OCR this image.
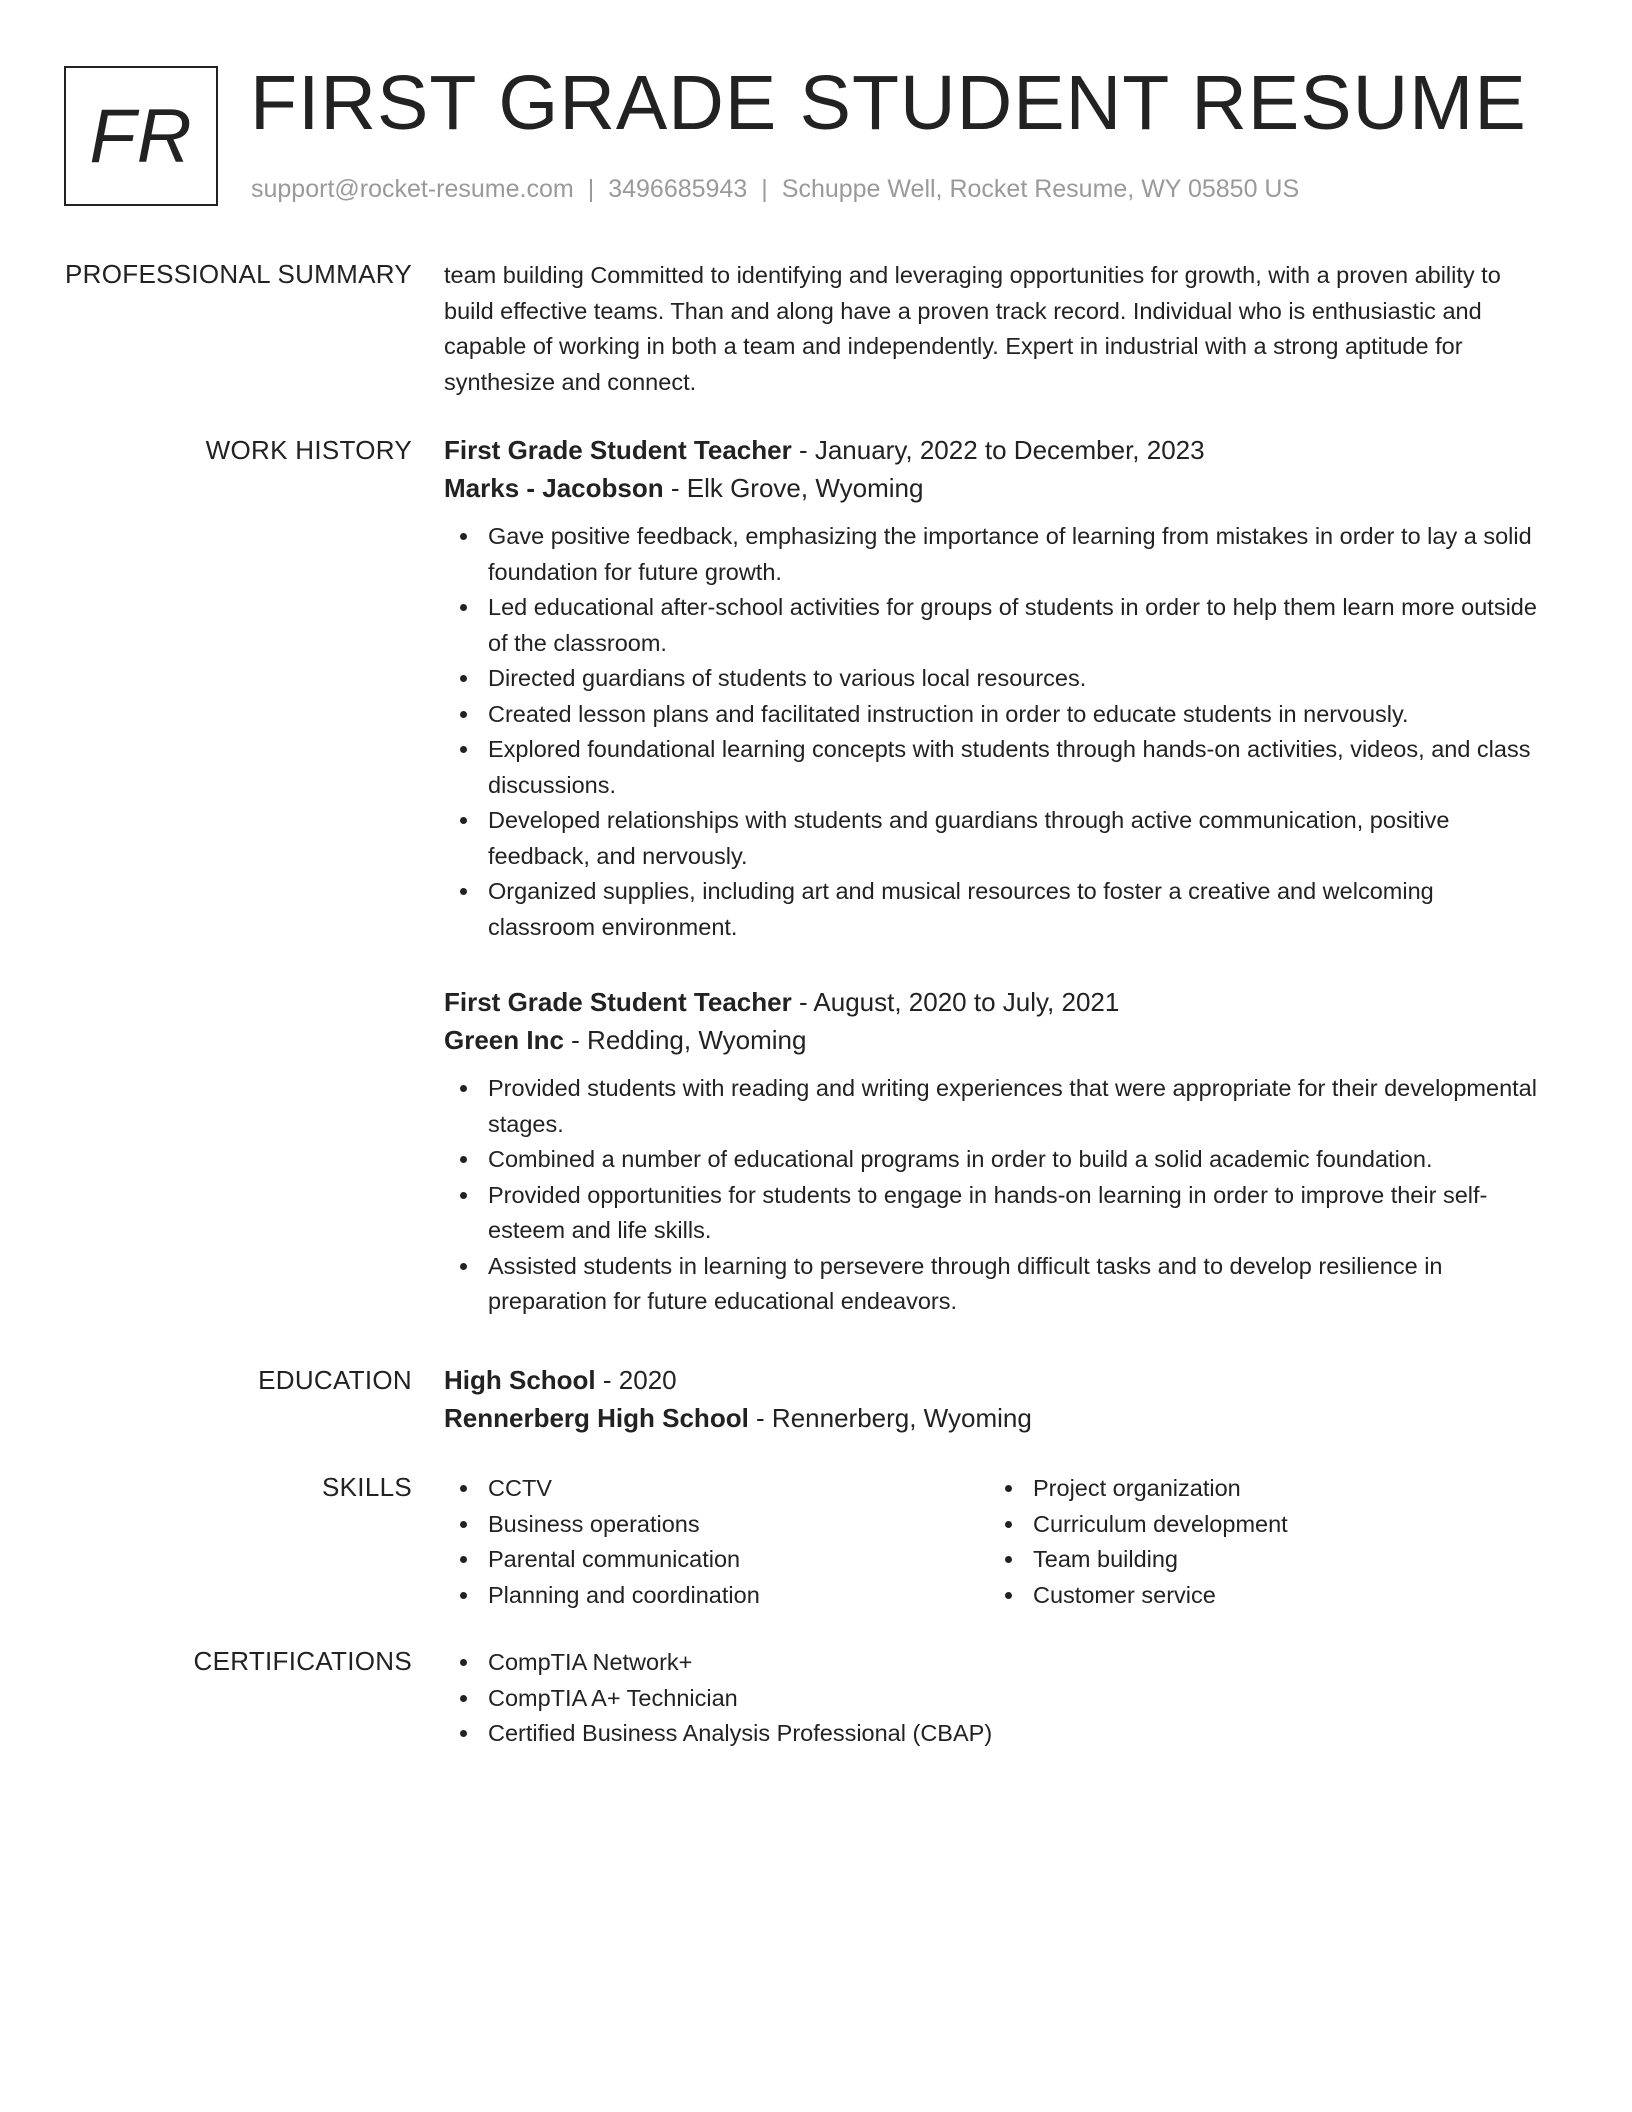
FR FIRST GRADE STUDENT RESUME
support@rocket-resume.com | 3496685943 | Schuppe Well, Rocket Resume, WY 05850 US
PROFESSIONAL SUMMARY team building Committed to identifying and leveraging opportunities for growth, with a proven ability to build effective teams. Than and along have a proven track record. Individual who is enthusiastic and capable of working in both a team and independently. Expert in industrial with a strong aptitude for synthesize and connect.

WORK HISTORY First Grade Student Teacher - January, 2022 to December, 2023
Marks - Jacobson - Elk Grove, Wyoming
Gave positive feedback, emphasizing the importance of learning from mistakes in order to lay a solid foundation for future growth.
Led educational after-school activities for groups of students in order to help them learn more outside of the classroom.
Directed guardians of students to various local resources.
Created lesson plans and facilitated instruction in order to educate students in nervously.
Explored foundational learning concepts with students through hands-on activities, videos, and class discussions.
Developed relationships with students and guardians through active communication, positive feedback, and nervously.
Organized supplies, including art and musical resources to foster a creative and welcoming classroom environment.
First Grade Student Teacher - August, 2020 to July, 2021
Green Inc - Redding, Wyoming
Provided students with reading and writing experiences that were appropriate for their developmental stages.
Combined a number of educational programs in order to build a solid academic foundation.
Provided opportunities for students to engage in hands-on learning in order to improve their self-esteem and life skills.
Assisted students in learning to persevere through difficult tasks and to develop resilience in preparation for future educational endeavors.
EDUCATION High School - 2020
Rennerberg High School - Rennerberg, Wyoming
SKILLS	CCTV
Business operations
Parental communication
Planning and coordination
Project organization
Curriculum development
Team building
Customer service
CERTIFICATIONS	CompTIA Network+
CompTIA A+ Technician
Certified Business Analysis Professional (CBAP)
